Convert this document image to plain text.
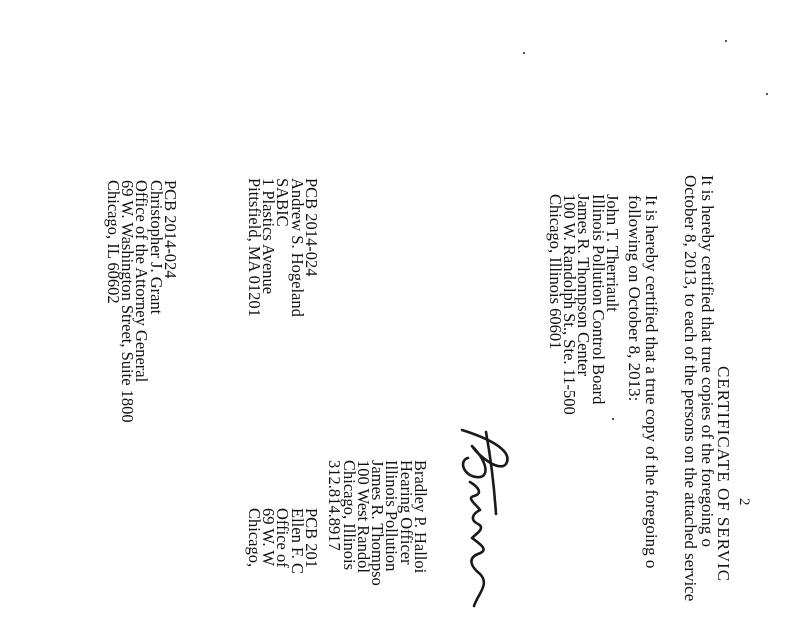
2
CERTIFICATE OF SERVIC
It is hereby certified that true copies of the foregoing o
October 8, 2013, to each of the persons on the attached service
It is hereby certified that a true copy of the foregoing o
following on October 8, 2013:
John T. Therriault
Illinois Pollution Control Board
James R. Thompson Center
100 W. Randolph St., Ste. 11-500
Chicago, Illinois 60601
Bradley P. Halloi
Hearing Officer
Illinois Pollution
James R. Thompso
100 West Randol
Chicago, Illinois
312.814.8917
PCB 2014-024
Andrew S. Hogeland
SABIC
1 Plastics Avenue
Pittsfield, MA 01201
PCB 201
Ellen F. C
Office of
69 W. W
Chicago,
PCB 2014-024
Christopher J. Grant
Office of the Attorney General
69 W. Washington Street, Suite 1800
Chicago, IL 60602
